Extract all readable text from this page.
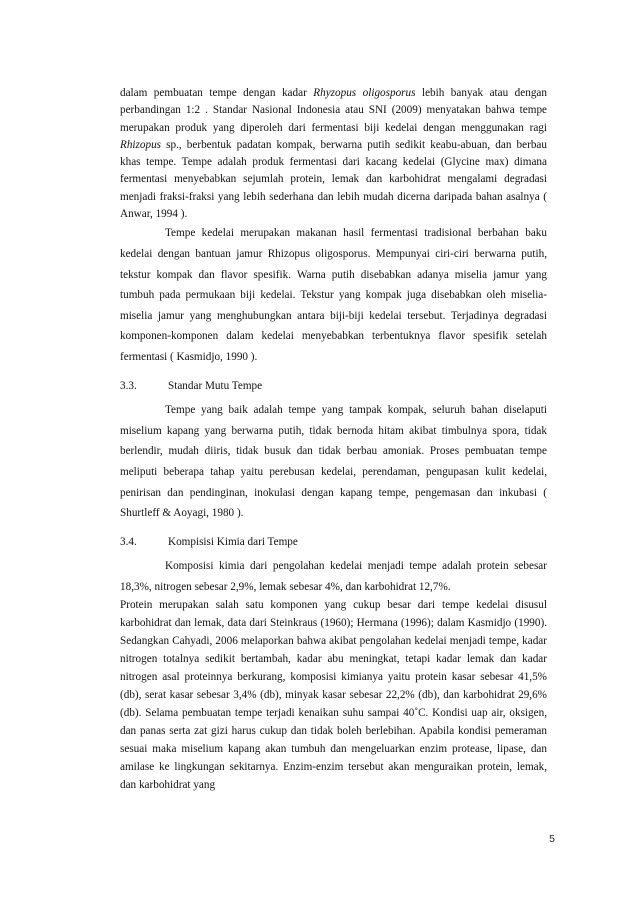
dalam pembuatan tempe dengan kadar Rhyzopus oligosporus lebih banyak atau dengan perbandingan 1:2 . Standar Nasional Indonesia atau SNI (2009) menyatakan bahwa tempe merupakan produk yang diperoleh dari fermentasi biji kedelai dengan menggunakan ragi Rhizopus sp., berbentuk padatan kompak, berwarna putih sedikit keabu-abuan, dan berbau khas tempe. Tempe adalah produk fermentasi dari kacang kedelai (Glycine max) dimana fermentasi menyebabkan sejumlah protein, lemak dan karbohidrat mengalami degradasi menjadi fraksi-fraksi yang lebih sederhana dan lebih mudah dicerna daripada bahan asalnya ( Anwar, 1994 ).

Tempe kedelai merupakan makanan hasil fermentasi tradisional berbahan baku kedelai dengan bantuan jamur Rhizopus oligosporus. Mempunyai ciri-ciri berwarna putih, tekstur kompak dan flavor spesifik. Warna putih disebabkan adanya miselia jamur yang tumbuh pada permukaan biji kedelai. Tekstur yang kompak juga disebabkan oleh miselia-miselia jamur yang menghubungkan antara biji-biji kedelai tersebut. Terjadinya degradasi komponen-komponen dalam kedelai menyebabkan terbentuknya flavor spesifik setelah fermentasi ( Kasmidjo, 1990 ).

3.3.	Standar Mutu Tempe

Tempe yang baik adalah tempe yang tampak kompak, seluruh bahan diselaputi miselium kapang yang berwarna putih, tidak bernoda hitam akibat timbulnya spora, tidak berlendir, mudah diiris, tidak busuk dan tidak berbau amoniak. Proses pembuatan tempe meliputi beberapa tahap yaitu perebusan kedelai, perendaman, pengupasan kulit kedelai, penirisan dan pendinginan, inokulasi dengan kapang tempe, pengemasan dan inkubasi ( Shurtleff & Aoyagi, 1980 ).

3.4.	Kompisisi Kimia dari Tempe

Komposisi kimia dari pengolahan kedelai menjadi tempe adalah protein sebesar 18,3%, nitrogen sebesar 2,9%, lemak sebesar 4%, dan karbohidrat 12,7%.

Protein merupakan salah satu komponen yang cukup besar dari tempe kedelai disusul karbohidrat dan lemak, data dari Steinkraus (1960); Hermana (1996); dalam Kasmidjo (1990). Sedangkan Cahyadi, 2006 melaporkan bahwa akibat pengolahan kedelai menjadi tempe, kadar nitrogen totalnya sedikit bertambah, kadar abu meningkat, tetapi kadar lemak dan kadar nitrogen asal proteinnya berkurang, komposisi kimianya yaitu protein kasar sebesar 41,5% (db), serat kasar sebesar 3,4% (db), minyak kasar sebesar 22,2% (db), dan karbohidrat 29,6% (db). Selama pembuatan tempe terjadi kenaikan suhu sampai 40˚C. Kondisi uap air, oksigen, dan panas serta zat gizi harus cukup dan tidak boleh berlebihan. Apabila kondisi pemeraman sesuai maka miselium kapang akan tumbuh dan mengeluarkan enzim protease, lipase, dan amilase ke lingkungan sekitarnya. Enzim-enzim tersebut akan menguraikan protein, lemak, dan karbohidrat yang

5
